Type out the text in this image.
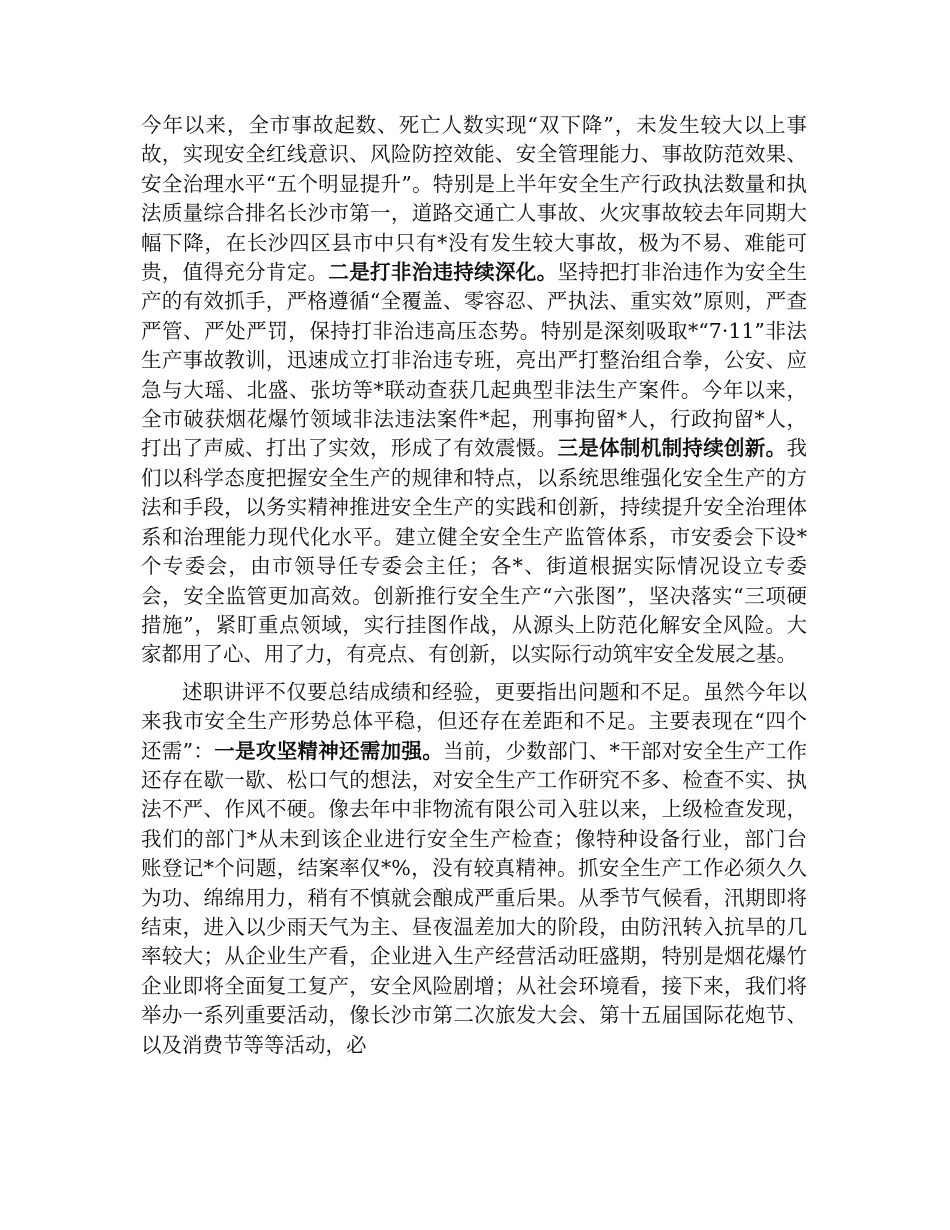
今年以来，全市事故起数、死亡人数实现“双下降”，未发生较大以上事故，实现安全红线意识、风险防控效能、安全管理能力、事故防范效果、安全治理水平“五个明显提升”。特别是上半年安全生产行政执法数量和执法质量综合排名长沙市第一，道路交通亡人事故、火灾事故较去年同期大幅下降，在长沙四区县市中只有*没有发生较大事故，极为不易、难能可贵，值得充分肯定。二是打非治违持续深化。坚持把打非治违作为安全生产的有效抓手，严格遵循“全覆盖、零容忍、严执法、重实效”原则，严查严管、严处严罚，保持打非治违高压态势。特别是深刻吸取*“7·11”非法生产事故教训，迅速成立打非治违专班，亮出严打整治组合拳，公安、应急与大瑶、北盛、张坊等*联动查获几起典型非法生产案件。今年以来，全市破获烟花爆竹领域非法违法案件*起，刑事拘留*人，行政拘留*人，打出了声威、打出了实效，形成了有效震慑。三是体制机制持续创新。我们以科学态度把握安全生产的规律和特点，以系统思维强化安全生产的方法和手段，以务实精神推进安全生产的实践和创新，持续提升安全治理体系和治理能力现代化水平。建立健全安全生产监管体系，市安委会下设*个专委会，由市领导任专委会主任；各*、街道根据实际情况设立专委会，安全监管更加高效。创新推行安全生产“六张图”，坚决落实“三项硬措施”，紧盯重点领域，实行挂图作战，从源头上防范化解安全风险。大家都用了心、用了力，有亮点、有创新，以实际行动筑牢安全发展之基。

述职讲评不仅要总结成绩和经验，更要指出问题和不足。虽然今年以来我市安全生产形势总体平稳，但还存在差距和不足。主要表现在“四个还需”：一是攻坚精神还需加强。当前，少数部门、*干部对安全生产工作还存在歇一歇、松口气的想法，对安全生产工作研究不多、检查不实、执法不严、作风不硬。像去年中非物流有限公司入驻以来，上级检查发现，我们的部门*从未到该企业进行安全生产检查；像特种设备行业，部门台账登记*个问题，结案率仅*%，没有较真精神。抓安全生产工作必须久久为功、绵绵用力，稍有不慎就会酿成严重后果。从季节气候看，汛期即将结束，进入以少雨天气为主、昼夜温差加大的阶段，由防汛转入抗旱的几率较大；从企业生产看，企业进入生产经营活动旺盛期，特别是烟花爆竹企业即将全面复工复产，安全风险剧增；从社会环境看，接下来，我们将举办一系列重要活动，像长沙市第二次旅发大会、第十五届国际花炮节、以及消费节等等活动，必
